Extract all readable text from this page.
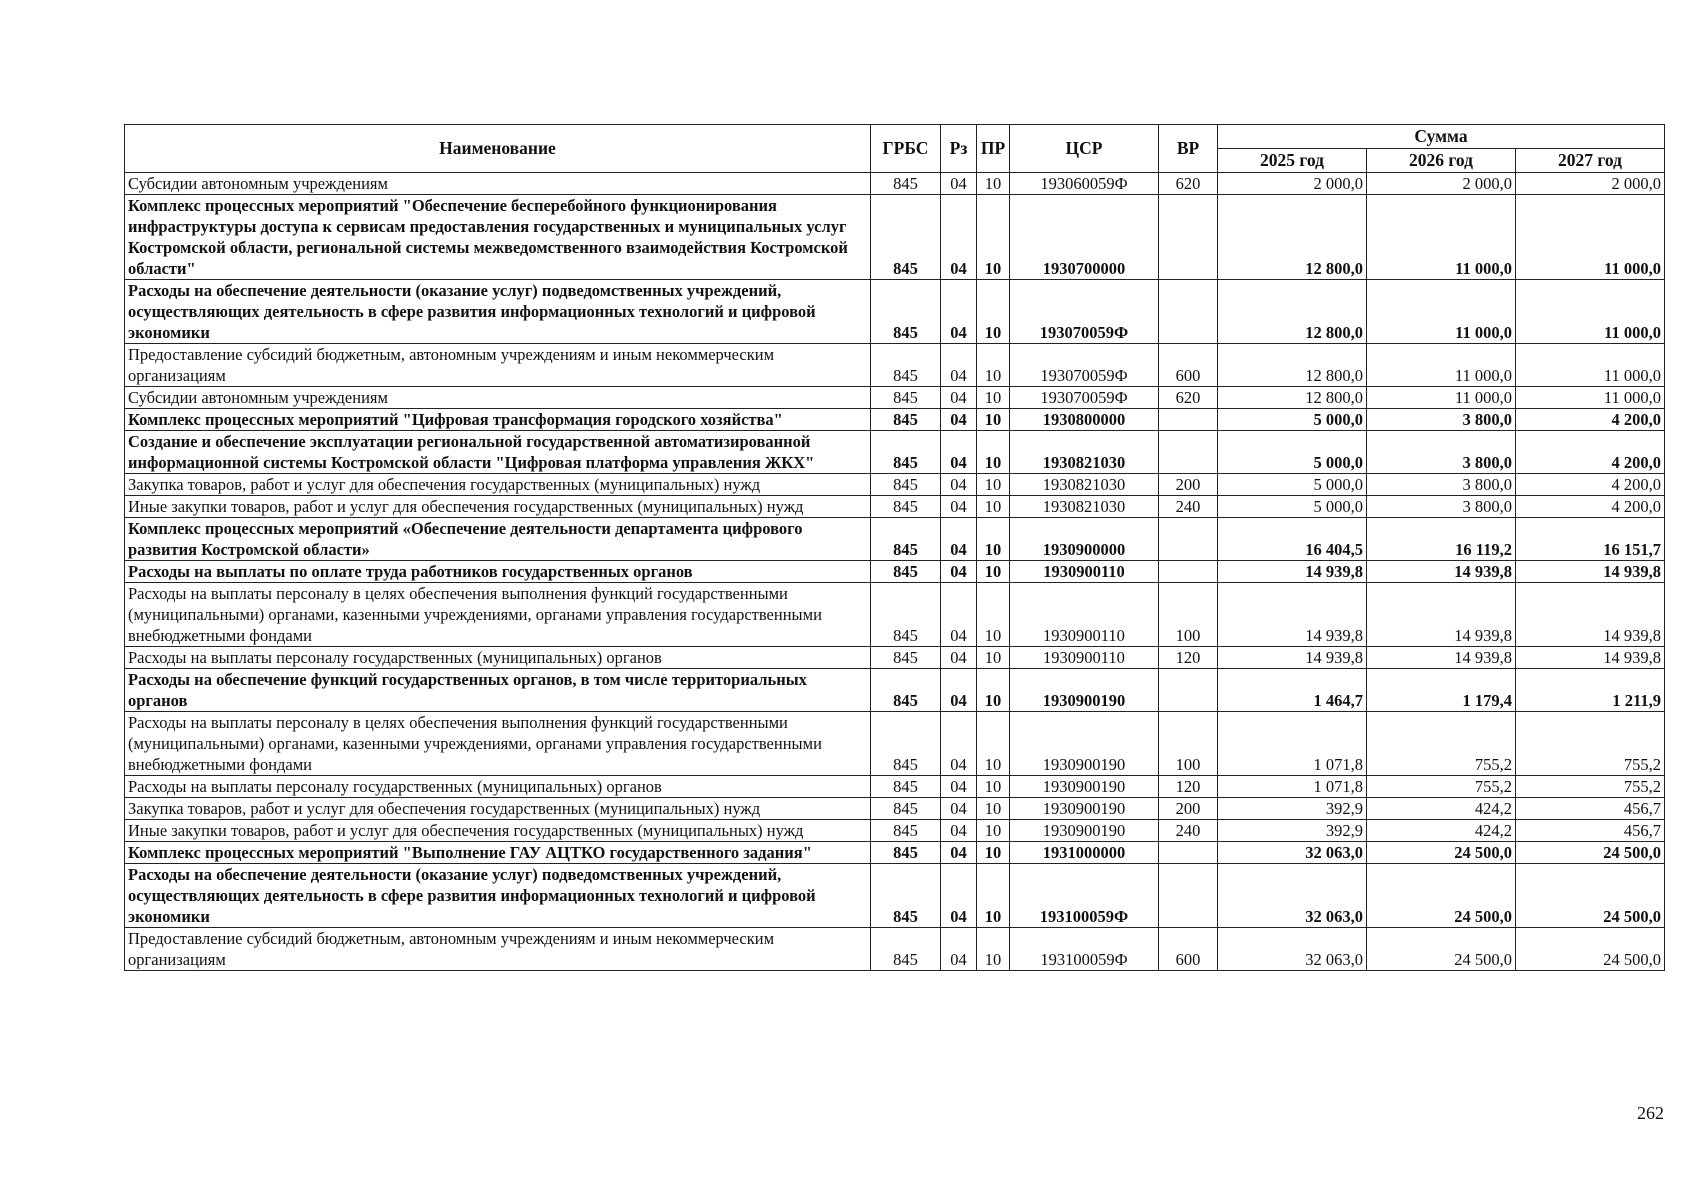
Наименование	ГРБС	Рз	ПР	ЦСР	ВР	Сумма		
						2025 год	2026 год	2027 год
Субсидии автономным учреждениям	845	04	10	193060059Ф	620	2 000,0	2 000,0	2 000,0
Комплекс процессных мероприятий "Обеспечение бесперебойного функционирования инфраструктуры доступа к сервисам предоставления государственных и муниципальных услуг Костромской области, региональной системы межведомственного взаимодействия Костромской области"	845	04	10	1930700000		12 800,0	11 000,0	11 000,0
Расходы на обеспечение деятельности (оказание услуг) подведомственных учреждений, осуществляющих деятельность в сфере развития информационных технологий и цифровой экономики	845	04	10	193070059Ф		12 800,0	11 000,0	11 000,0
Предоставление субсидий бюджетным, автономным учреждениям и иным некоммерческим организациям	845	04	10	193070059Ф	600	12 800,0	11 000,0	11 000,0
Субсидии автономным учреждениям	845	04	10	193070059Ф	620	12 800,0	11 000,0	11 000,0
Комплекс процессных мероприятий "Цифровая трансформация городского хозяйства"	845	04	10	1930800000		5 000,0	3 800,0	4 200,0
Создание и обеспечение эксплуатации региональной государственной автоматизированной информационной системы Костромской области "Цифровая платформа управления ЖКХ"	845	04	10	1930821030		5 000,0	3 800,0	4 200,0
Закупка товаров, работ и услуг для обеспечения государственных (муниципальных) нужд	845	04	10	1930821030	200	5 000,0	3 800,0	4 200,0
Иные закупки товаров, работ и услуг для обеспечения государственных (муниципальных) нужд	845	04	10	1930821030	240	5 000,0	3 800,0	4 200,0
Комплекс процессных мероприятий «Обеспечение деятельности департамента цифрового развития Костромской области»	845	04	10	1930900000		16 404,5	16 119,2	16 151,7
Расходы на выплаты по оплате труда работников государственных органов	845	04	10	1930900110		14 939,8	14 939,8	14 939,8
Расходы на выплаты персоналу в целях обеспечения выполнения функций государственными (муниципальными) органами, казенными учреждениями, органами управления государственными внебюджетными фондами	845	04	10	1930900110	100	14 939,8	14 939,8	14 939,8
Расходы на выплаты персоналу государственных (муниципальных) органов	845	04	10	1930900110	120	14 939,8	14 939,8	14 939,8
Расходы на обеспечение функций государственных органов, в том числе территориальных органов	845	04	10	1930900190		1 464,7	1 179,4	1 211,9
Расходы на выплаты персоналу в целях обеспечения выполнения функций государственными (муниципальными) органами, казенными учреждениями, органами управления государственными внебюджетными фондами	845	04	10	1930900190	100	1 071,8	755,2	755,2
Расходы на выплаты персоналу государственных (муниципальных) органов	845	04	10	1930900190	120	1 071,8	755,2	755,2
Закупка товаров, работ и услуг для обеспечения государственных (муниципальных) нужд	845	04	10	1930900190	200	392,9	424,2	456,7
Иные закупки товаров, работ и услуг для обеспечения государственных (муниципальных) нужд	845	04	10	1930900190	240	392,9	424,2	456,7
Комплекс процессных мероприятий "Выполнение ГАУ АЦТКО государственного задания"	845	04	10	1931000000		32 063,0	24 500,0	24 500,0
Расходы на обеспечение деятельности (оказание услуг) подведомственных учреждений, осуществляющих деятельность в сфере развития информационных технологий и цифровой экономики	845	04	10	193100059Ф		32 063,0	24 500,0	24 500,0
Предоставление субсидий бюджетным, автономным учреждениям и иным некоммерческим организациям	845	04	10	193100059Ф	600	32 063,0	24 500,0	24 500,0
262
